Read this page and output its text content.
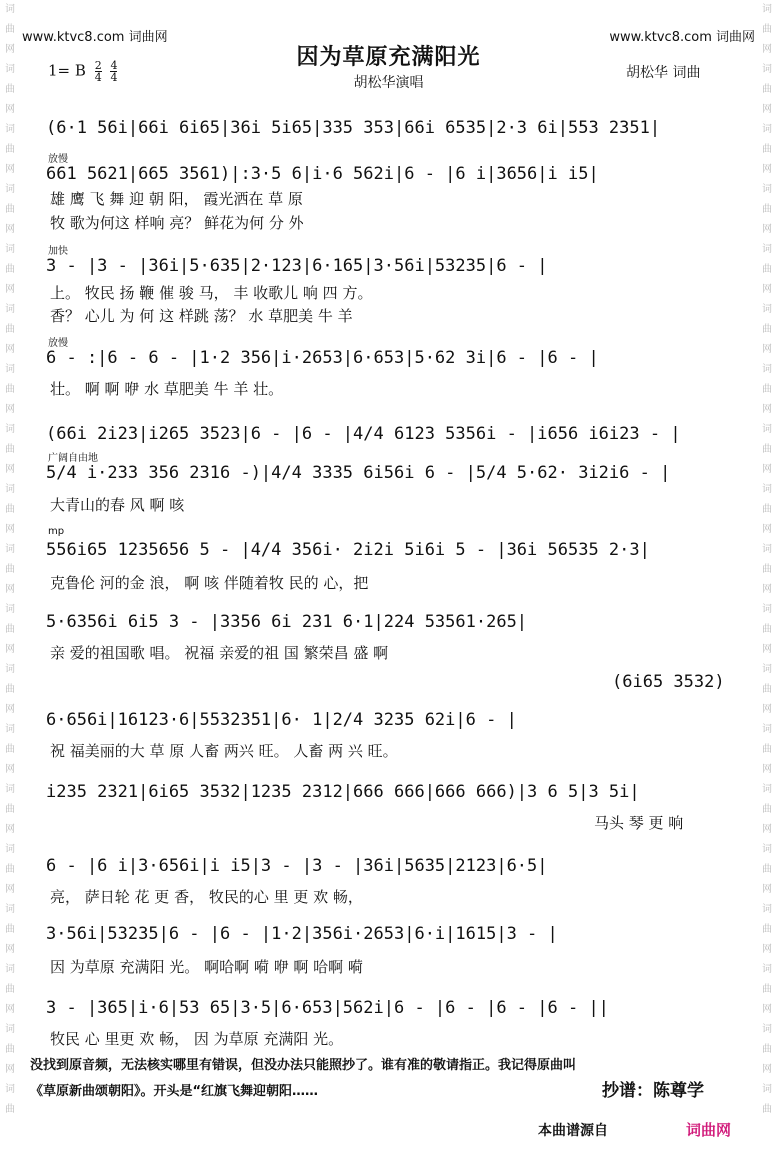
词
曲
网
词
曲
网
词
曲
网
词
曲
网
词
曲
网
词
曲
网
词
曲
网
词
曲
网
词
曲
网
词
曲
网
词
曲
网
词
曲
网
词
曲
网
词
曲
网
词
曲
网
词
曲
网
词
曲
网
词
曲
网
词
曲
词
曲
网
词
曲
网
词
曲
网
词
曲
网
词
曲
网
词
曲
网
词
曲
网
词
曲
网
词
曲
网
词
曲
网
词
曲
网
词
曲
网
词
曲
网
词
曲
网
词
曲
网
词
曲
网
词
曲
网
词
曲
网
词
曲
www.ktvc8.com 词曲网	www.ktvc8.com 词曲网
因为草原充满阳光
胡松华演唱
1= B $\frac{2}{4} \frac{4}{4}$	胡松华 词曲
(6·1 56i|66i 6i65|36i 5i65|335 353|66i 6535|2·3 6i|553 2351|
放慢
661 5621|665 3561)|:3·5 6|i·6 562i|6 - |6 i|3656|i i5|
雄 鹰 飞 舞 迎 朝 阳， 霞光洒在 草 原
牧 歌为何这 样响 亮？ 鲜花为何 分 外
加快
3 - |3 - |36i|5·635|2·123|6·165|3·56i|53235|6 - |
上。 牧民 扬 鞭 催 骏 马， 丰 收歌儿 响 四 方。
香？ 心儿 为 何 这 样跳 荡？ 水 草肥美 牛 羊
放慢
6 - :|6 - 6 - |1·2 356|i·2653|6·653|5·62 3i|6 - |6 - |
壮。 啊 啊 咿 水 草肥美 牛 羊 壮。
(66i 2i23|i265 3523|6 - |6 - |4/4 6123 5356i - |i656 i6i23 - |
广阔自由地
5/4 i·233 356 2316 -)|4/4 3335 6i56i 6 - |5/4 5·62· 3i2i6 - |
大青山的春 风 啊 咳
mp
556i65 1235656 5 - |4/4 356i· 2i2i 5i6i 5 - |36i 56535 2·3|
克鲁伦 河的金 浪， 啊 咳 伴随着牧 民的 心，把
5·6356i 6i5 3 - |3356 6i 231 6·1|224 53561·265|
亲 爱的祖国歌 唱。 祝福 亲爱的祖 国 繁荣昌 盛 啊
(6i65 3532)
6·656i|16123·6|5532351|6· 1|2/4 3235 62i|6 - |
祝 福美丽的大 草 原 人畜 两兴 旺。 人畜 两 兴 旺。
i235 2321|6i65 3532|1235 2312|666 666|666 666)|3 6 5|3 5i|
马头 琴 更 响
6 - |6 i|3·656i|i i5|3 - |3 - |36i|5635|2123|6·5|
亮， 萨日轮 花 更 香， 牧民的心 里 更 欢 畅，
3·56i|53235|6 - |6 - |1·2|356i·2653|6·i|1615|3 - |
因 为草原 充满阳 光。 啊哈啊 嗬 咿 啊 哈啊 嗬
3 - |365|i·6|53 65|3·5|6·653|562i|6 - |6 - |6 - |6 - ||
牧民 心 里更 欢 畅， 因 为草原 充满阳 光。
没找到原音频，无法核实哪里有错误，但没办法只能照抄了。谁有准的敬请指正。我记得原曲叫
《草原新曲颂朝阳》。开头是“红旗飞舞迎朝阳……	抄谱：陈尊学
本曲谱源自	词曲网
